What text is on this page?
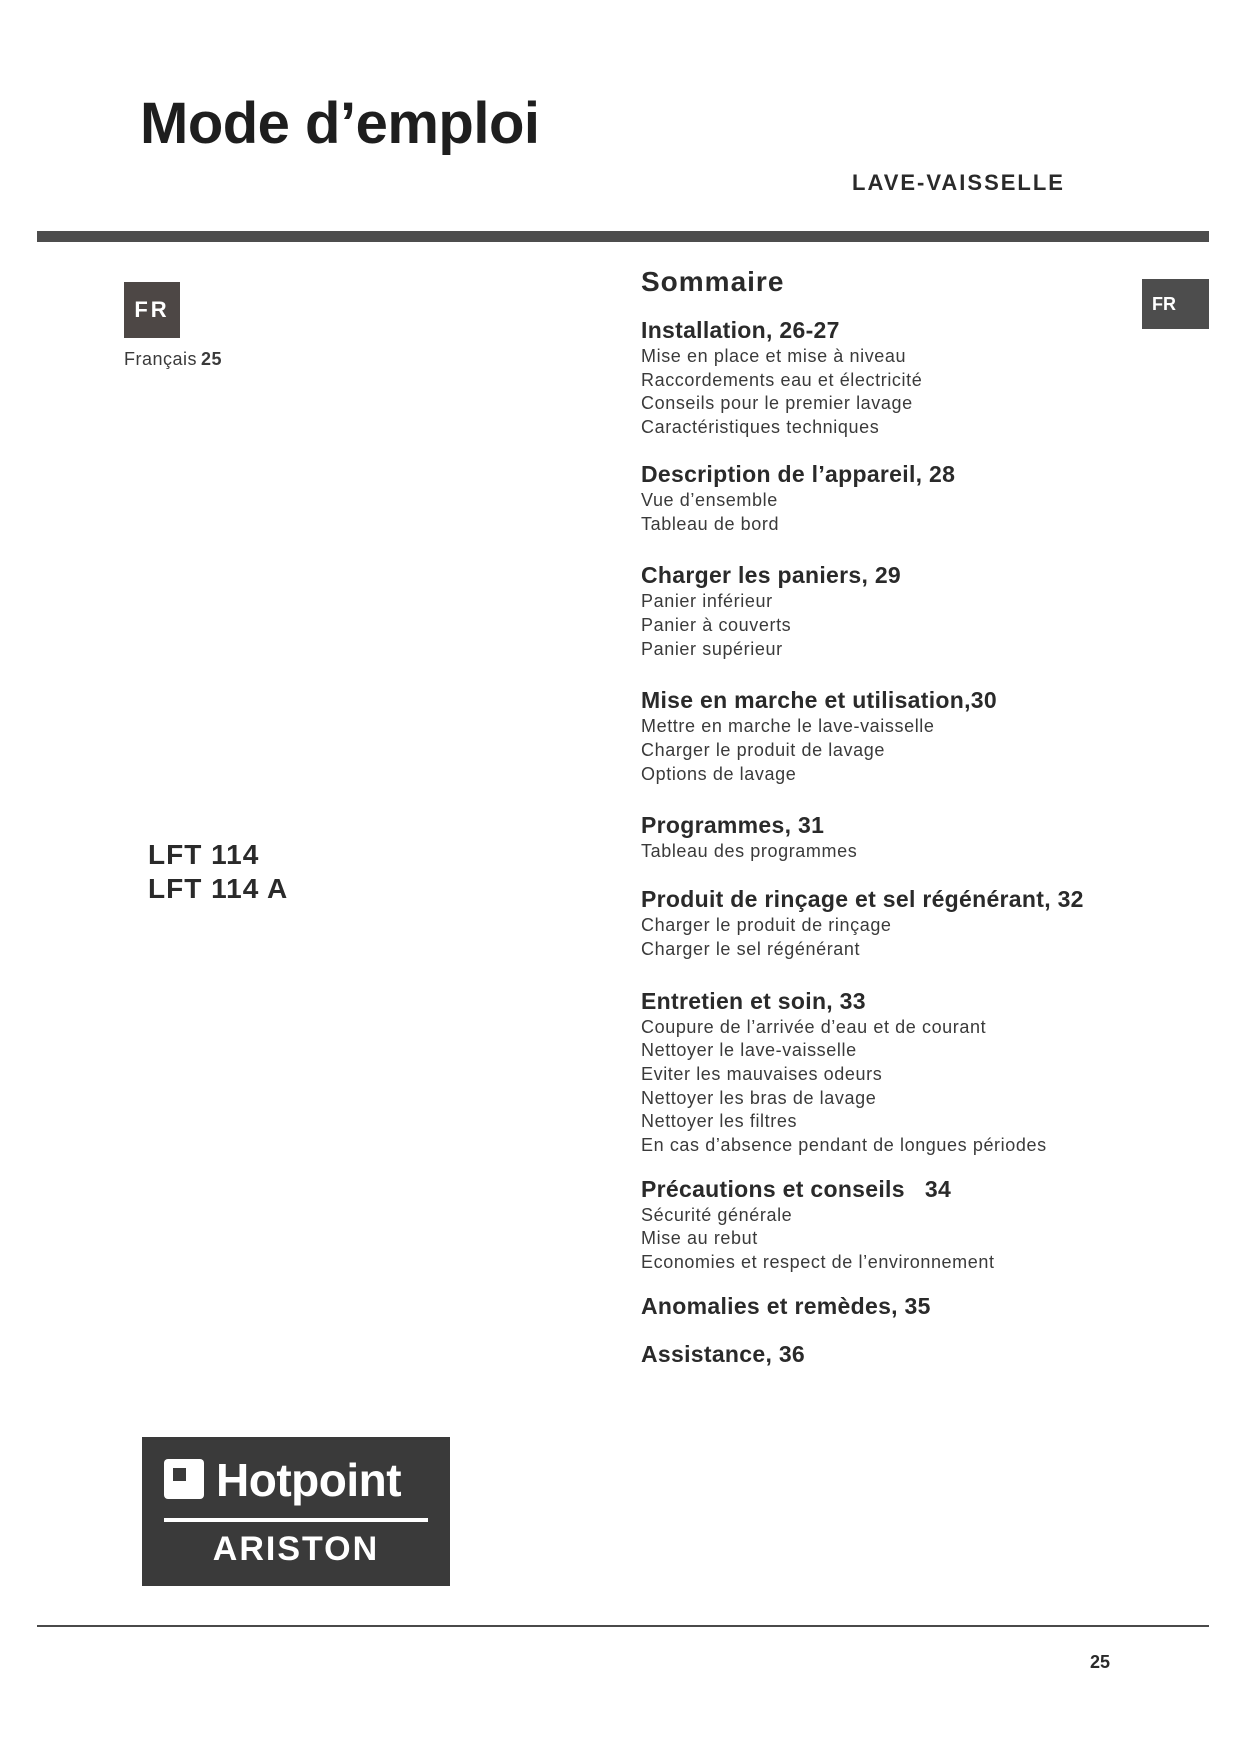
Mode d’emploi
LAVE-VAISSELLE
FR
Français 25
FR
LFT 114
LFT 114 A
Sommaire
Installation, 26-27
Mise en place et mise à niveau
Raccordements eau et électricité
Conseils pour le premier lavage
Caractéristiques techniques
Description de l’appareil, 28
Vue d’ensemble
Tableau de bord
Charger les paniers, 29
Panier inférieur
Panier à couverts
Panier supérieur
Mise en marche et utilisation,30
Mettre en marche le lave-vaisselle
Charger le produit de lavage
Options de lavage
Programmes, 31
Tableau des programmes
Produit de rinçage et sel régénérant, 32
Charger le produit de rinçage
Charger le sel régénérant
Entretien et soin, 33
Coupure de l’arrivée d’eau et de courant
Nettoyer le lave-vaisselle
Eviter les mauvaises odeurs
Nettoyer les bras de lavage
Nettoyer les filtres
En cas d’absence pendant de longues périodes
Précautions et conseils   34
Sécurité générale
Mise au rebut
Economies et respect de l’environnement
Anomalies et remèdes, 35
Assistance, 36
Hotpoint
ARISTON
25
